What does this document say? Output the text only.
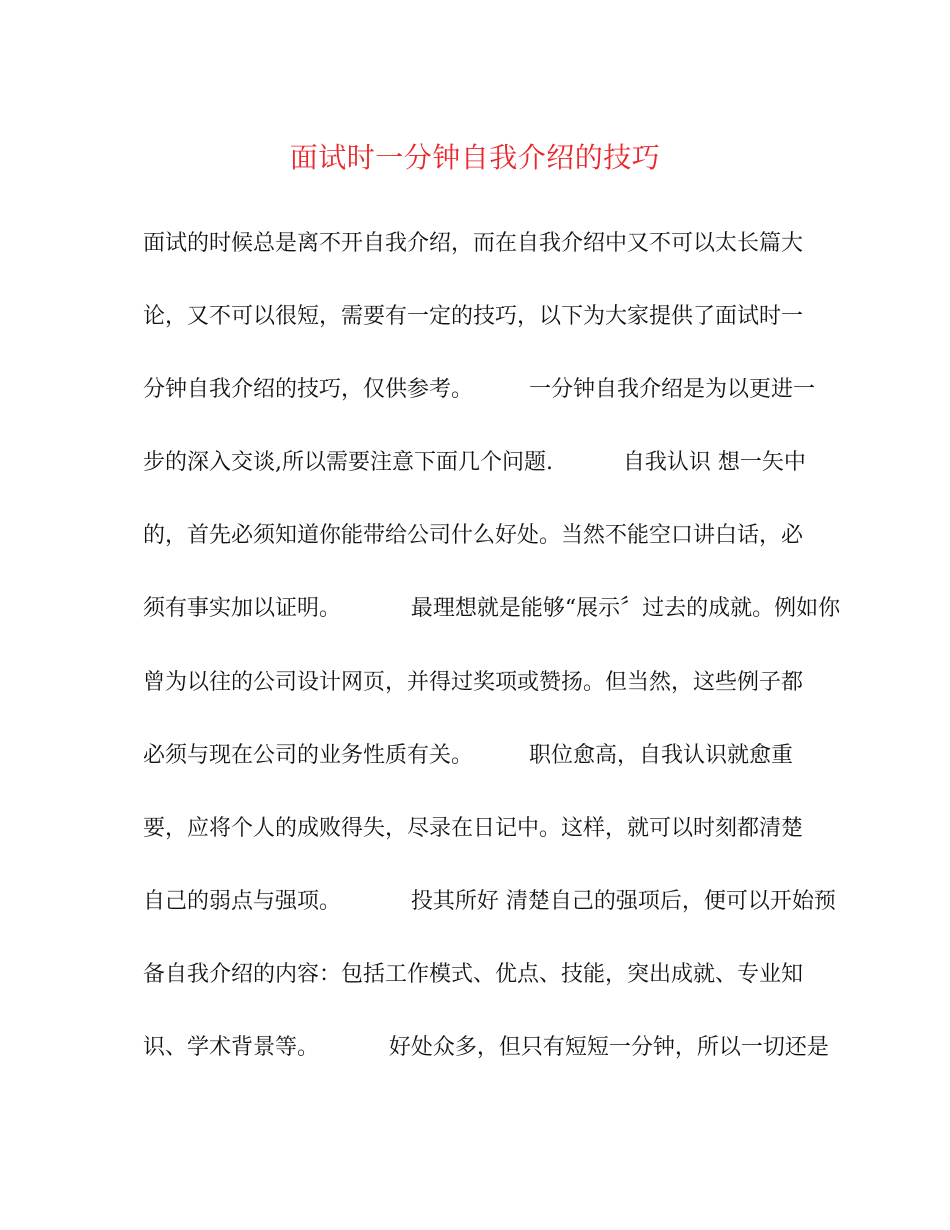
面试时一分钟自我介绍的技巧
面试的时候总是离不开自我介绍，而在自我介绍中又不可以太长篇大
论，又不可以很短，需要有一定的技巧，以下为大家提供了面试时一
分钟自我介绍的技巧，仅供参考。        一分钟自我介绍是为以更进一
步的深入交谈,所以需要注意下面几个问题.          自我认识 想一矢中
的，首先必须知道你能带给公司什么好处。当然不能空口讲白话，必
须有事实加以证明。          最理想就是能够“展示〞过去的成就。例如你
曾为以往的公司设计网页，并得过奖项或赞扬。但当然，这些例子都
必须与现在公司的业务性质有关。        职位愈高，自我认识就愈重
要，应将个人的成败得失，尽录在日记中。这样，就可以时刻都清楚
自己的弱点与强项。          投其所好 清楚自己的强项后，便可以开始预
备自我介绍的内容：包括工作模式、优点、技能，突出成就、专业知
识、学术背景等。          好处众多，但只有短短一分钟，所以一切还是
